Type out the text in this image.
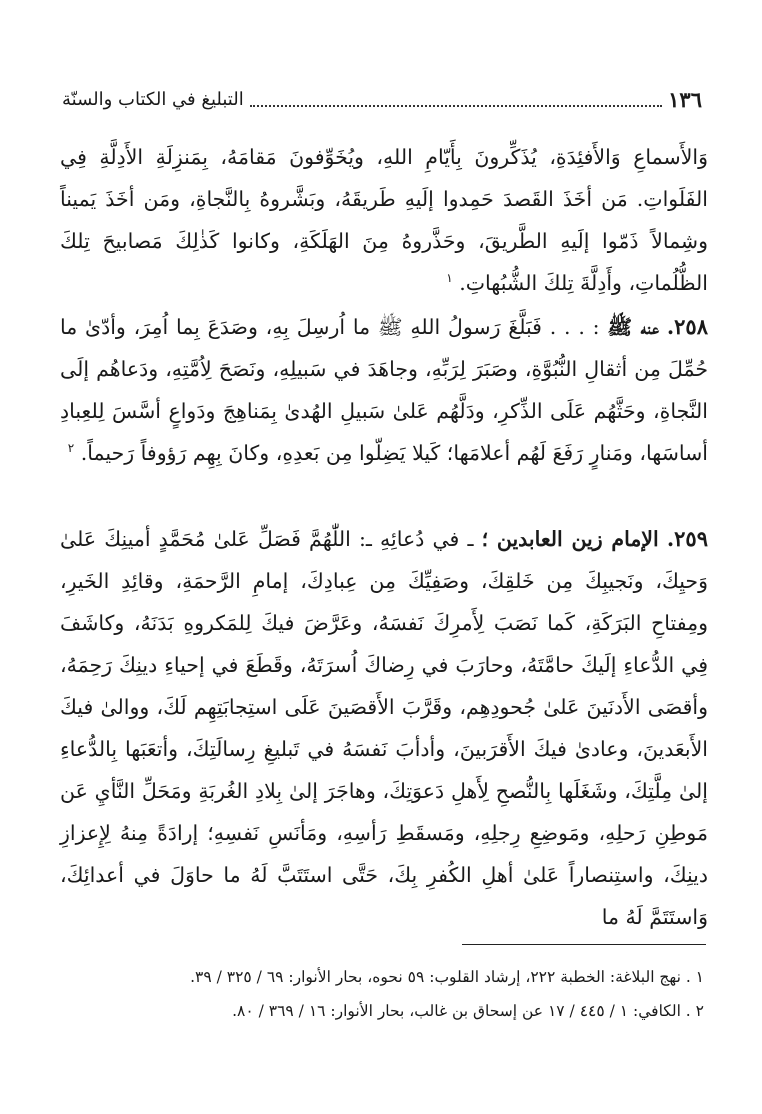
١٣٦
التبليغ في الكتاب والسنّة

وَالأَسماعِ وَالأَفئِدَةِ، يُذَكِّرونَ بِأَيّامِ اللهِ، ويُخَوِّفونَ مَقامَهُ، بِمَنزِلَةِ الأَدِلَّةِ فِي الفَلَواتِ. مَن أخَذَ القَصدَ حَمِدوا إلَيهِ طَريقَهُ، وبَشَّروهُ بِالنَّجاةِ، ومَن أخَذَ يَميناً وشِمالاً ذَمّوا إلَيهِ الطَّريقَ، وحَذَّروهُ مِنَ الهَلَكَةِ، وكانوا كَذٰلِكَ مَصابيحَ تِلكَ الظُّلُماتِ، وأَدِلَّةَ تِلكَ الشُّبُهاتِ. $^١$

٢٥٨. عنه ﷺ : . . . فَبَلَّغَ رَسولُ اللهِ ﷺ ما اُرسِلَ بِهِ، وصَدَعَ بِما اُمِرَ، وأدّىٰ ما حُمِّلَ مِن أثقالِ النُّبُوَّةِ، وصَبَرَ لِرَبِّهِ، وجاهَدَ في سَبيلِهِ، ونَصَحَ لِاُمَّتِهِ، ودَعاهُم إلَى النَّجاةِ، وحَثَّهُم عَلَى الذِّكرِ، ودَلَّهُم عَلىٰ سَبيلِ الهُدىٰ بِمَناهِجَ ودَواعٍ أسَّسَ لِلعِبادِ أساسَها، ومَنارٍ رَفَعَ لَهُم أعلامَها؛ كَيلا يَضِلّوا مِن بَعدِهِ، وكانَ بِهِم رَؤوفاً رَحيماً. $^٢$

٢٥٩. الإمام زين العابدين ؛ ـ في دُعائِهِ ـ: اللّٰهُمَّ فَصَلِّ عَلىٰ مُحَمَّدٍ أمينِكَ عَلىٰ وَحيِكَ، ونَجيبِكَ مِن خَلقِكَ، وصَفِيِّكَ مِن عِبادِكَ، إمامِ الرَّحمَةِ، وقائِدِ الخَيرِ، ومِفتاحِ البَرَكَةِ، كَما نَصَبَ لِأَمرِكَ نَفسَهُ، وعَرَّضَ فيكَ لِلمَكروهِ بَدَنَهُ، وكاشَفَ فِي الدُّعاءِ إلَيكَ حامَّتَهُ، وحارَبَ في رِضاكَ اُسرَتَهُ، وقَطَعَ في إحياءِ دينِكَ رَحِمَهُ، وأقصَى الأَدنَينَ عَلىٰ جُحودِهِم، وقَرَّبَ الأَقصَينَ عَلَى استِجابَتِهِم لَكَ، ووالىٰ فيكَ الأَبعَدينَ، وعادىٰ فيكَ الأَقرَبينَ، وأدأبَ نَفسَهُ في تَبليغِ رِسالَتِكَ، وأتعَبَها بِالدُّعاءِ إلىٰ مِلَّتِكَ، وشَغَلَها بِالنُّصحِ لِأَهلِ دَعوَتِكَ، وهاجَرَ إلىٰ بِلادِ الغُربَةِ ومَحَلِّ النَّأيِ عَن مَوطِنِ رَحلِهِ، ومَوضِعِ رِجلِهِ، ومَسقَطِ رَأسِهِ، ومَأنَسِ نَفسِهِ؛ إرادَةً مِنهُ لِإِعزازِ دينِكَ، واستِنصاراً عَلىٰ أهلِ الكُفرِ بِكَ، حَتَّى استَتَبَّ لَهُ ما حاوَلَ في أعدائِكَ، وَاستَتَمَّ لَهُ ما

١ . نهج البلاغة: الخطبة ٢٢٢، إرشاد القلوب: ٥٩ نحوه، بحار الأنوار: ٦٩ / ٣٢٥ / ٣٩.
٢ . الكافي: ١ / ٤٤٥ / ١٧ عن إسحاق بن غالب، بحار الأنوار: ١٦ / ٣٦٩ / ٨٠.
